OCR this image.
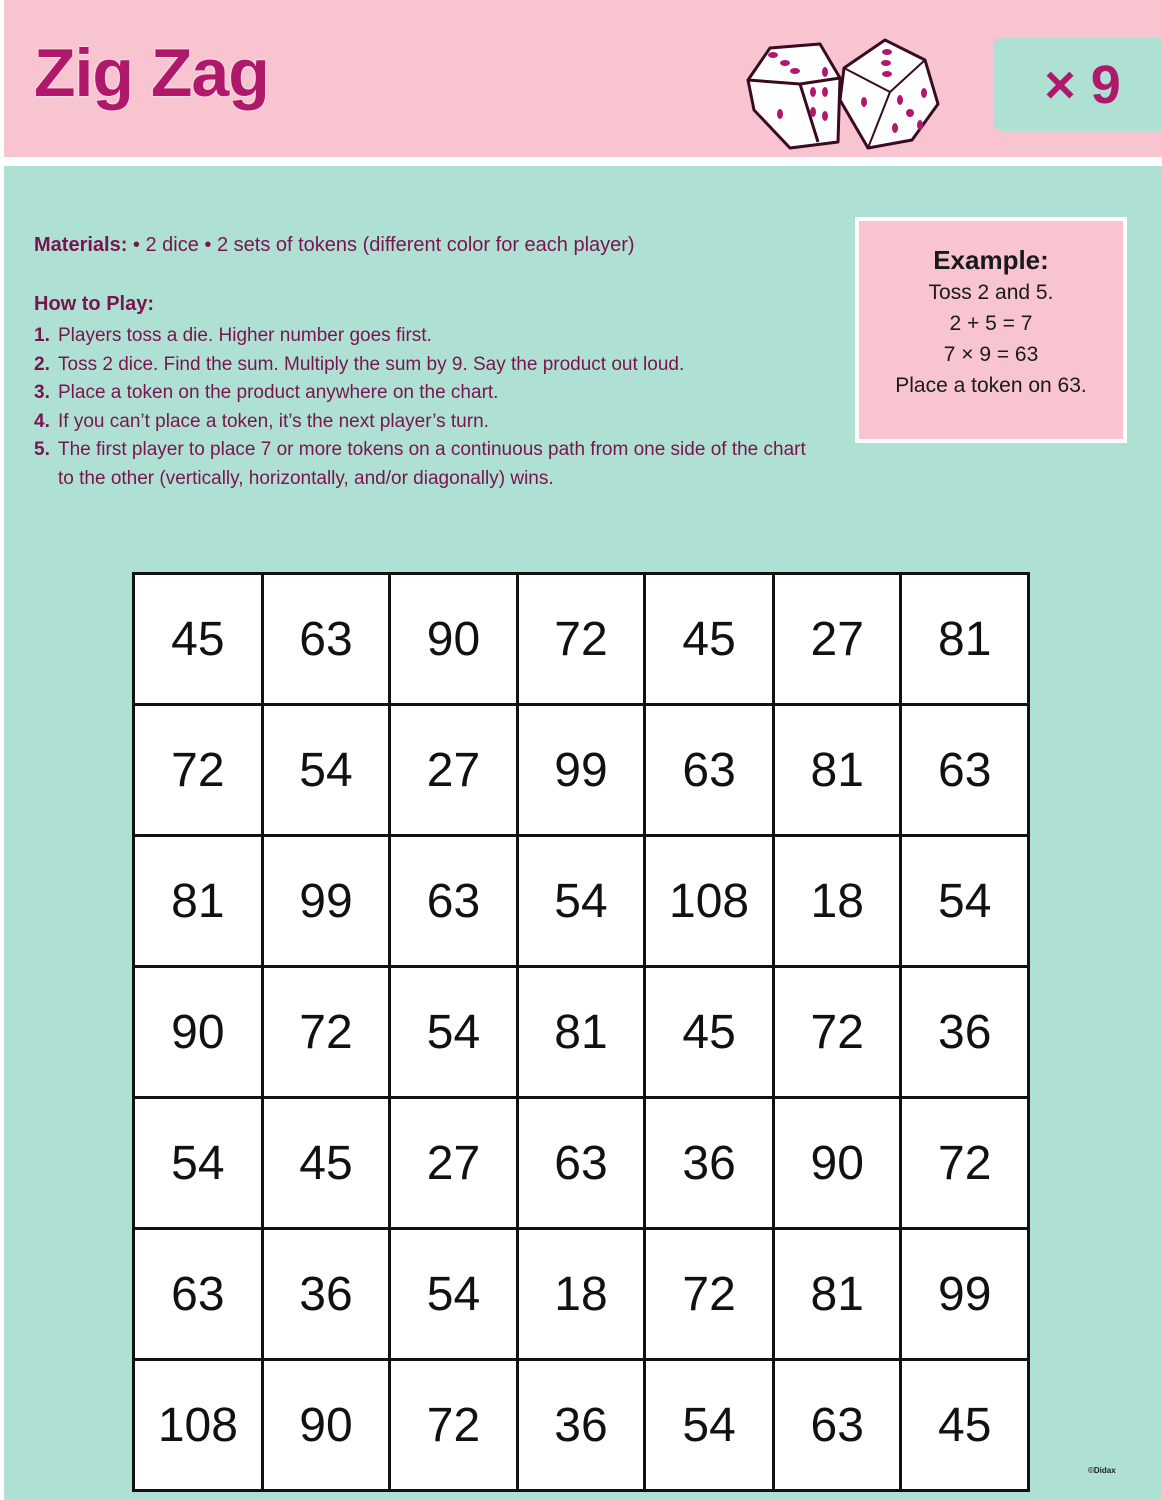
Zig Zag	× 9
Materials: • 2 dice • 2 sets of tokens (different color for each player)
How to Play:
1. Players toss a die. Higher number goes first.
2. Toss 2 dice. Find the sum. Multiply the sum by 9. Say the product out loud.
3. Place a token on the product anywhere on the chart.
4. If you can’t place a token, it’s the next player’s turn.
5. The first player to place 7 or more tokens on a continuous path from one side of the chart to the other (vertically, horizontally, and/or diagonally) wins.
Example:
Toss 2 and 5.
2 + 5 = 7
7 × 9 = 63
Place a token on 63.
45	63	90	72	45	27	81
72	54	27	99	63	81	63
81	99	63	54	108	18	54
90	72	54	81	45	72	36
54	45	27	63	36	90	72
63	36	54	18	72	81	99
108	90	72	36	54	63	45
©Didax
